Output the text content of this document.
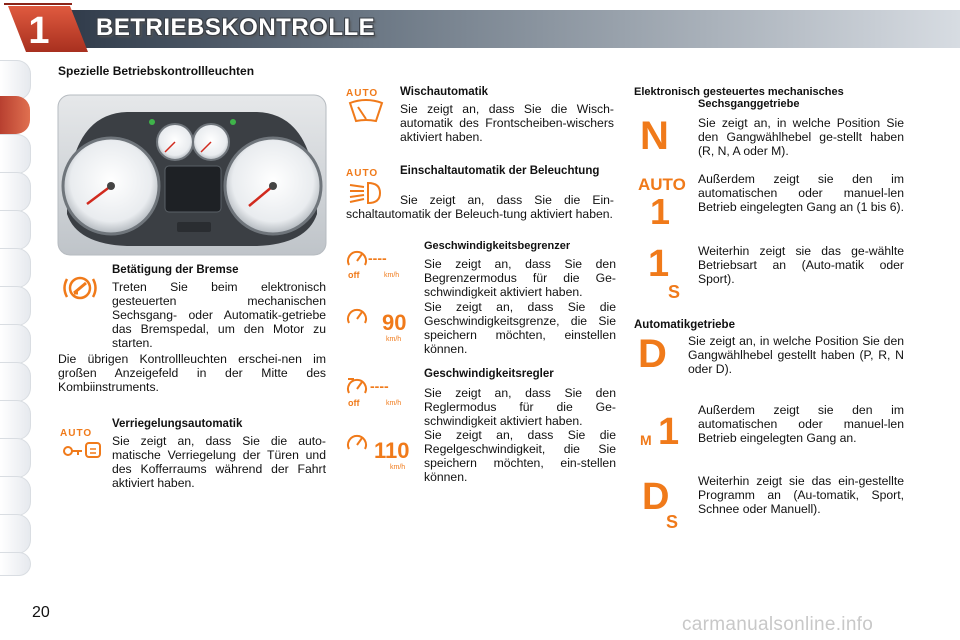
1	BETRIEBSKONTROLLE
Spezielle Betriebskontrollleuchten
Betätigung der Bremse
Treten Sie beim elektronisch gesteuerten mechanischen Sechsgang- oder Automatik-getriebe das Bremspedal, um den Motor zu starten.
Die übrigen Kontrollleuchten erschei-nen im großen Anzeigefeld in der Mitte des Kombiinstruments.
AUTO
Verriegelungsautomatik
Sie zeigt an, dass Sie die auto-matische Verriegelung der Türen und des Kofferraums während der Fahrt aktiviert haben.
AUTO	Wischautomatik
Sie zeigt an, dass Sie die Wisch-automatik des Frontscheiben-wischers aktiviert haben.
AUTO	Einschaltautomatik der Beleuchtung
Sie zeigt an, dass Sie die Ein-schaltautomatik der Beleuch-tung aktiviert haben.
----
off	km/h
Geschwindigkeitsbegrenzer
Sie zeigt an, dass Sie den Begrenzermodus für die Ge-schwindigkeit aktiviert haben.
90
km/h
Sie zeigt an, dass Sie die Geschwindigkeitsgrenze, die Sie speichern möchten, einstellen können.
----
off	km/h
Geschwindigkeitsregler
Sie zeigt an, dass Sie den Reglermodus für die Ge-schwindigkeit aktiviert haben.
110
km/h
Sie zeigt an, dass Sie die Regelgeschwindigkeit, die Sie speichern möchten, ein-stellen können.
Elektronisch gesteuertes mechanisches
Sechsganggetriebe
N Sie zeigt an, in welche Position Sie den Gangwählhebel ge-stellt haben (R, N, A oder M).
AUTO
1
Außerdem zeigt sie den im automatischen oder manuel-len Betrieb eingelegten Gang an (1 bis 6).
1
S
Weiterhin zeigt sie das ge-wählte Betriebsart an (Auto-matik oder Sport).
Automatikgetriebe
D Sie zeigt an, in welche Position Sie den Gangwählhebel gestellt haben (P, R, N oder D).
M 1
Außerdem zeigt sie den im automatischen oder manuel-len Betrieb eingelegten Gang an.
D
S
Weiterhin zeigt sie das ein-gestellte Programm an (Au-tomatik, Sport, Schnee oder Manuell).
20
carmanualsonline.info
